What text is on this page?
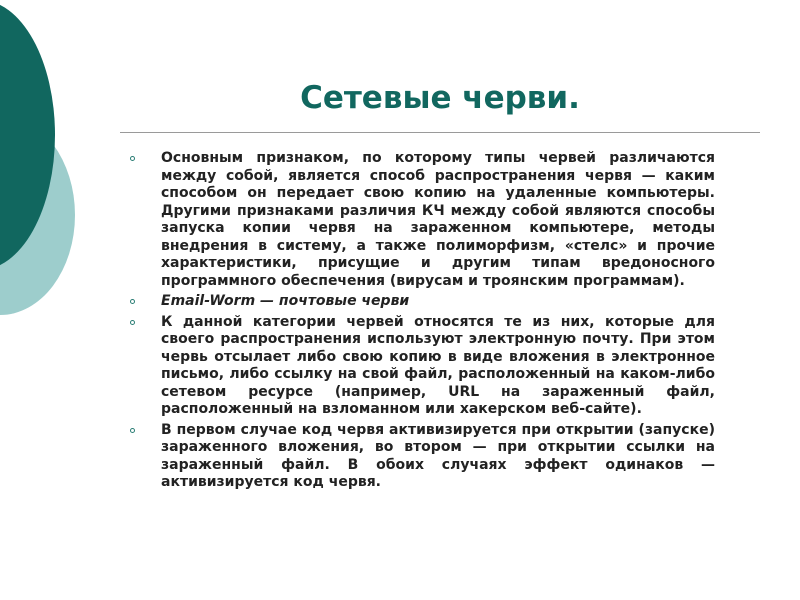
Сетевые черви.
Основным признаком, по которому типы червей различаются между собой, является способ распространения червя — каким способом он передает свою копию на удаленные компьютеры. Другими признаками различия КЧ между собой являются способы запуска копии червя на зараженном компьютере, методы внедрения в систему, а также полиморфизм, «стелс» и прочие характеристики, присущие и другим типам вредоносного программного обеспечения (вирусам и троянским программам).
Email-Worm — почтовые черви
К данной категории червей относятся те из них, которые для своего распространения используют электронную почту. При этом червь отсылает либо свою копию в виде вложения в электронное письмо, либо ссылку на свой файл, расположенный на каком-либо сетевом ресурсе (например, URL на зараженный файл, расположенный на взломанном или хакерском веб-сайте).
В первом случае код червя активизируется при открытии (запуске) зараженного вложения, во втором — при открытии ссылки на зараженный файл. В обоих случаях эффект одинаков — активизируется код червя.
